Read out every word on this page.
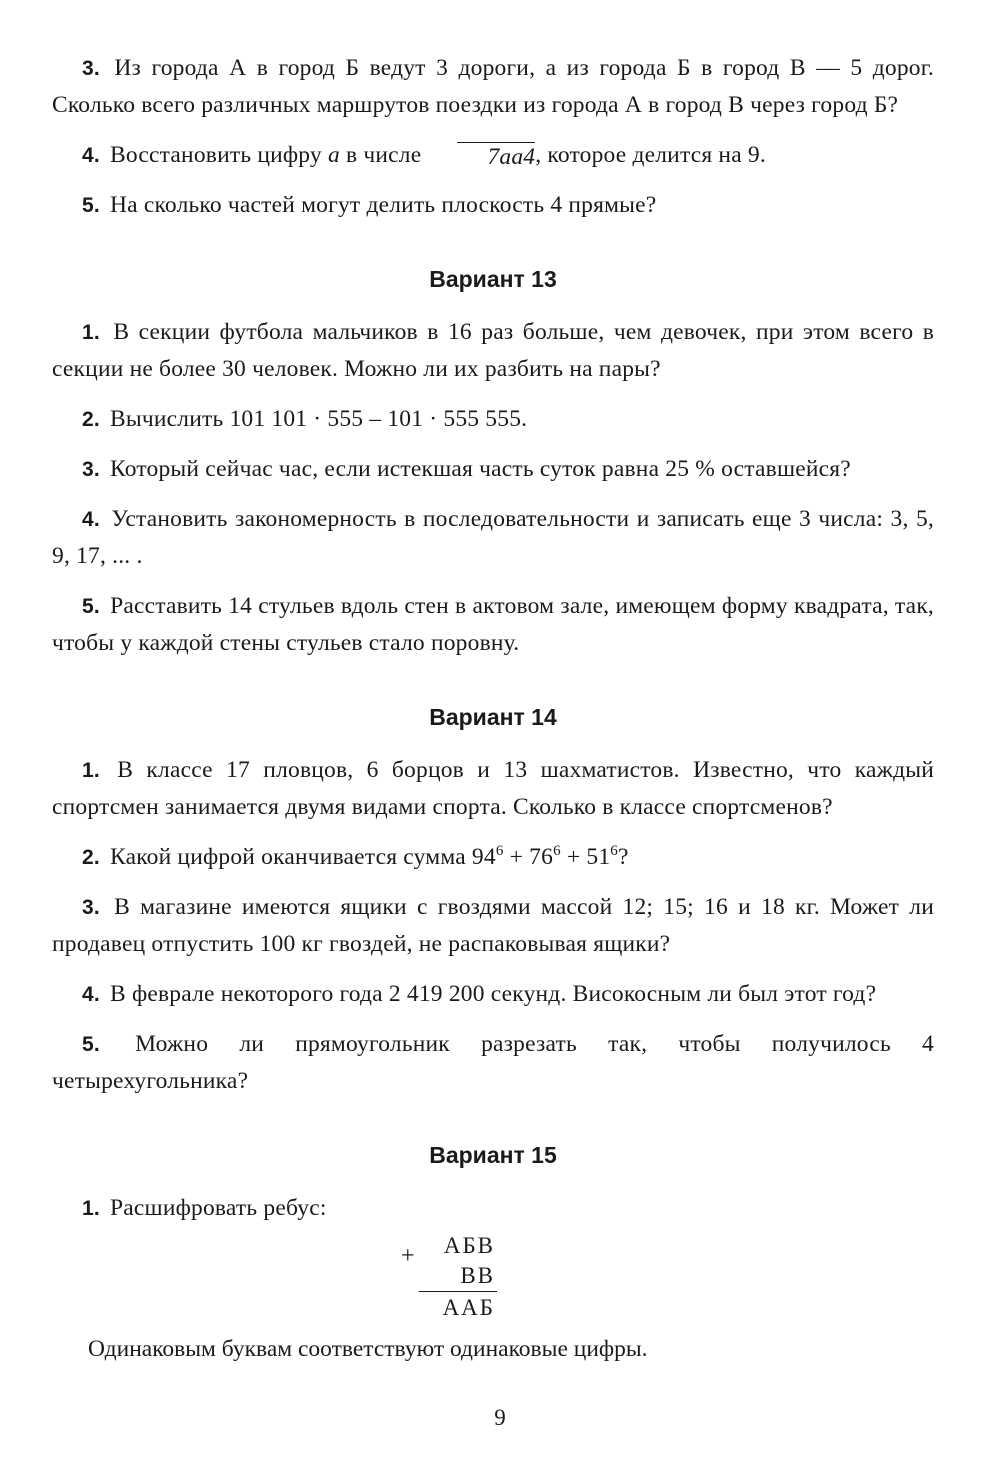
3. Из города А в город Б ведут 3 дороги, а из города Б в город В — 5 дорог. Сколько всего различных маршрутов поездки из города А в город В через город Б?

4. Восстановить цифру а в числе	7аа4, которое делится на 9.

5. На сколько частей могут делить плоскость 4 прямые?

Вариант 13

1. В секции футбола мальчиков в 16 раз больше, чем девочек, при этом всего в секции не более 30 человек. Можно ли их разбить на пары?

2. Вычислить 101 101 · 555 – 101 · 555 555.

3. Который сейчас час, если истекшая часть суток равна 25 % оставшейся?

4. Установить закономерность в последовательности и записать еще 3 числа: 3, 5, 9, 17, ... .

5. Расставить 14 стульев вдоль стен в актовом зале, имеющем форму квадрата, так, чтобы у каждой стены стульев стало поровну.

Вариант 14

1. В классе 17 пловцов, 6 борцов и 13 шахматистов. Известно, что каждый спортсмен занимается двумя видами спорта. Сколько в классе спортсменов?

2. Какой цифрой оканчивается сумма $94^6 + 76^6 + 51^6$?

3. В магазине имеются ящики с гвоздями массой 12; 15; 16 и 18 кг. Может ли продавец отпустить 100 кг гвоздей, не распаковывая ящики?

4. В феврале некоторого года 2 419 200 секунд. Високосным ли был этот год?

5. Можно ли прямоугольник разрезать так, чтобы получилось 4 четырехугольника?

Вариант 15

1. Расшифровать ребус:

+ АБВ
ВВ
ААБ

Одинаковым буквам соответствуют одинаковые цифры.

9
